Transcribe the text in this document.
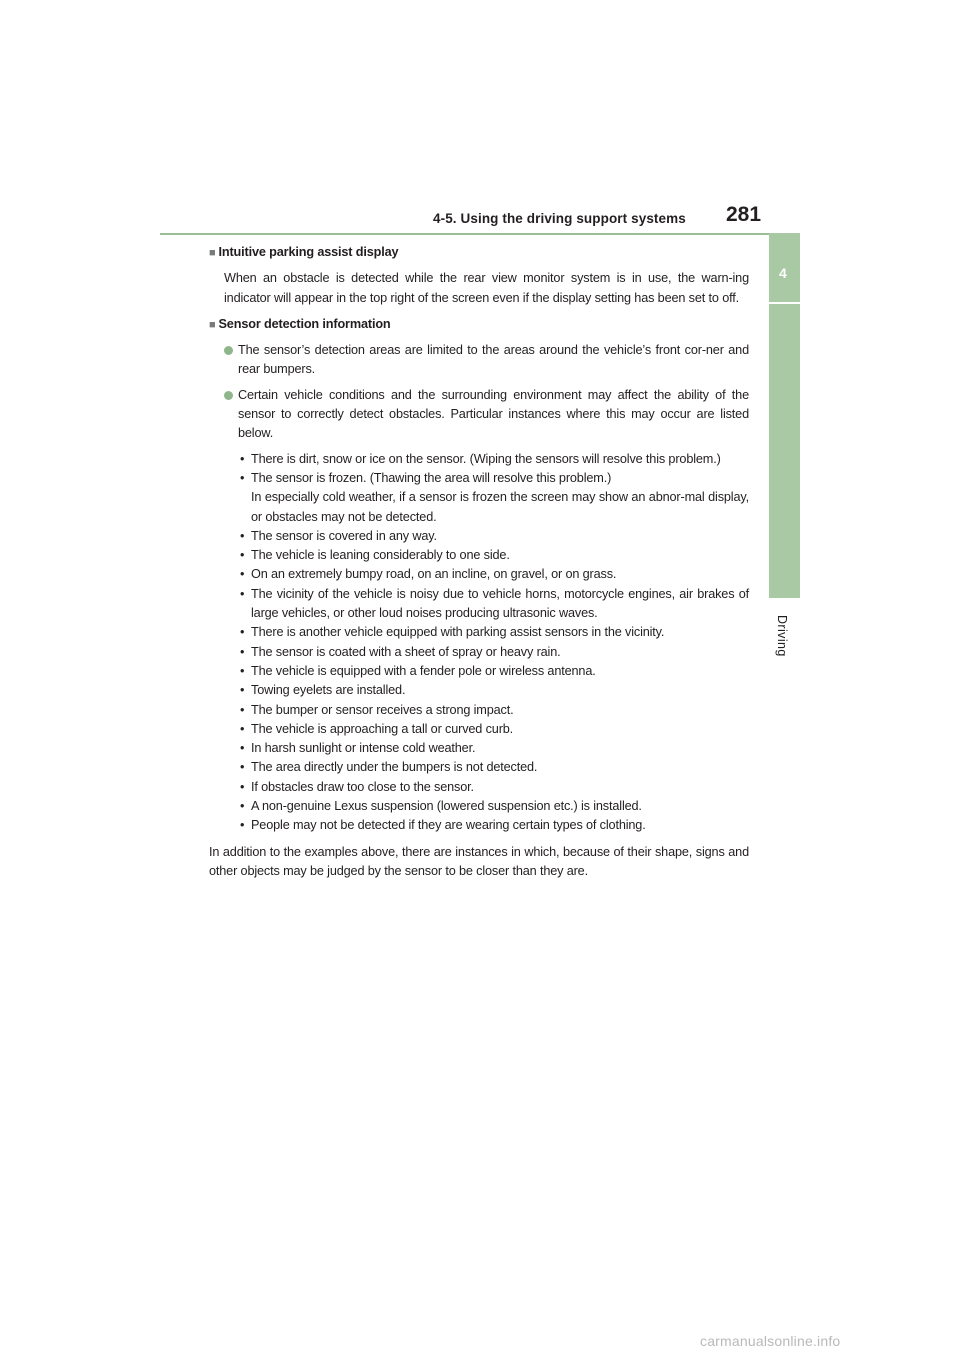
4-5. Using the driving support systems 281
4
Driving
■ Intuitive parking assist display

When an obstacle is detected while the rear view monitor system is in use, the warn-ing indicator will appear in the top right of the screen even if the display setting has been set to off.

■ Sensor detection information
The sensor’s detection areas are limited to the areas around the vehicle’s front cor-ner and rear bumpers.
Certain vehicle conditions and the surrounding environment may affect the ability of the sensor to correctly detect obstacles. Particular instances where this may occur are listed below.
• There is dirt, snow or ice on the sensor. (Wiping the sensors will resolve this problem.)
• The sensor is frozen. (Thawing the area will resolve this problem.)
In especially cold weather, if a sensor is frozen the screen may show an abnor-mal display, or obstacles may not be detected.
• The sensor is covered in any way.
• The vehicle is leaning considerably to one side.
• On an extremely bumpy road, on an incline, on gravel, or on grass.
• The vicinity of the vehicle is noisy due to vehicle horns, motorcycle engines, air brakes of large vehicles, or other loud noises producing ultrasonic waves.
• There is another vehicle equipped with parking assist sensors in the vicinity.
• The sensor is coated with a sheet of spray or heavy rain.
• The vehicle is equipped with a fender pole or wireless antenna.
• Towing eyelets are installed.
• The bumper or sensor receives a strong impact.
• The vehicle is approaching a tall or curved curb.
• In harsh sunlight or intense cold weather.
• The area directly under the bumpers is not detected.
• If obstacles draw too close to the sensor.
• A non-genuine Lexus suspension (lowered suspension etc.) is installed.
• People may not be detected if they are wearing certain types of clothing.

In addition to the examples above, there are instances in which, because of their shape, signs and other objects may be judged by the sensor to be closer than they are.

carmanualsonline.info
